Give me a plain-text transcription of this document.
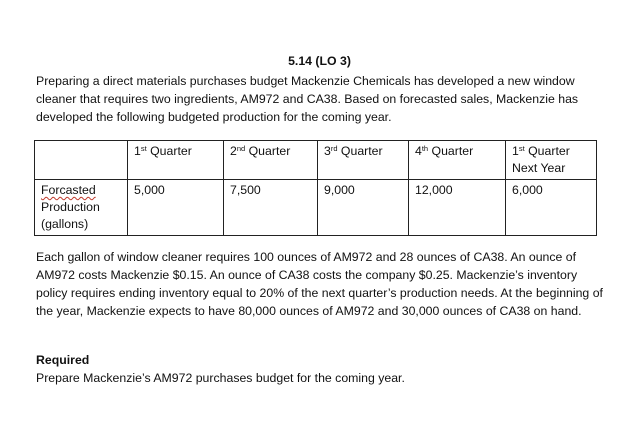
5.14 (LO 3)
Preparing a direct materials purchases budget Mackenzie Chemicals has developed a new window cleaner that requires two ingredients, AM972 and CA38. Based on forecasted sales, Mackenzie has developed the following budgeted production for the coming year.
	1st Quarter	2nd Quarter	3rd Quarter	4th Quarter	1st Quarter Next Year
Forcasted Production (gallons)	5,000	7,500	9,000	12,000	6,000
Each gallon of window cleaner requires 100 ounces of AM972 and 28 ounces of CA38. An ounce of AM972 costs Mackenzie $0.15. An ounce of CA38 costs the company $0.25. Mackenzie’s inventory policy requires ending inventory equal to 20% of the next quarter’s production needs. At the beginning of the year, Mackenzie expects to have 80,000 ounces of AM972 and 30,000 ounces of CA38 on hand.
Required
Prepare Mackenzie’s AM972 purchases budget for the coming year.
